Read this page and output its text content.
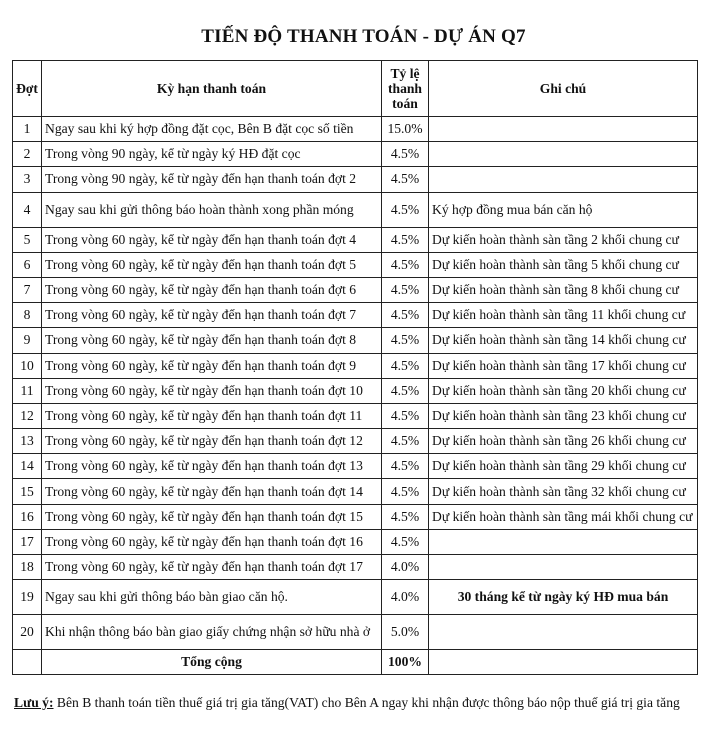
TIẾN ĐỘ THANH TOÁN - DỰ ÁN Q7
Đợt	Kỳ hạn thanh toán	Tỷ lệ thanh toán	Ghi chú
1	Ngay sau khi ký hợp đồng đặt cọc, Bên B đặt cọc số tiền	15.0%	
2	Trong vòng 90 ngày, kể từ ngày ký HĐ đặt cọc	4.5%	
3	Trong vòng 90 ngày, kể từ ngày đến hạn thanh toán đợt 2	4.5%	
4	Ngay sau khi gửi thông báo hoàn thành xong phần móng	4.5%	Ký hợp đồng mua bán căn hộ
5	Trong vòng 60 ngày, kể từ ngày đến hạn thanh toán đợt 4	4.5%	Dự kiến hoàn thành sàn tầng 2 khối chung cư
6	Trong vòng 60 ngày, kể từ ngày đến hạn thanh toán đợt 5	4.5%	Dự kiến hoàn thành sàn tầng 5 khối chung cư
7	Trong vòng 60 ngày, kể từ ngày đến hạn thanh toán đợt 6	4.5%	Dự kiến hoàn thành sàn tầng 8 khối chung cư
8	Trong vòng 60 ngày, kể từ ngày đến hạn thanh toán đợt 7	4.5%	Dự kiến hoàn thành sàn tầng 11 khối chung cư
9	Trong vòng 60 ngày, kể từ ngày đến hạn thanh toán đợt 8	4.5%	Dự kiến hoàn thành sàn tầng 14 khối chung cư
10	Trong vòng 60 ngày, kể từ ngày đến hạn thanh toán đợt 9	4.5%	Dự kiến hoàn thành sàn tầng 17 khối chung cư
11	Trong vòng 60 ngày, kể từ ngày đến hạn thanh toán đợt 10	4.5%	Dự kiến hoàn thành sàn tầng 20 khối chung cư
12	Trong vòng 60 ngày, kể từ ngày đến hạn thanh toán đợt 11	4.5%	Dự kiến hoàn thành sàn tầng 23 khối chung cư
13	Trong vòng 60 ngày, kể từ ngày đến hạn thanh toán đợt 12	4.5%	Dự kiến hoàn thành sàn tầng 26 khối chung cư
14	Trong vòng 60 ngày, kể từ ngày đến hạn thanh toán đợt 13	4.5%	Dự kiến hoàn thành sàn tầng 29 khối chung cư
15	Trong vòng 60 ngày, kể từ ngày đến hạn thanh toán đợt 14	4.5%	Dự kiến hoàn thành sàn tầng 32 khối chung cư
16	Trong vòng 60 ngày, kể từ ngày đến hạn thanh toán đợt 15	4.5%	Dự kiến hoàn thành sàn tầng mái khối chung cư
17	Trong vòng 60 ngày, kể từ ngày đến hạn thanh toán đợt 16	4.5%	
18	Trong vòng 60 ngày, kể từ ngày đến hạn thanh toán đợt 17	4.0%	
19	Ngay sau khi gửi thông báo bàn giao căn hộ.	4.0%	30 tháng kể từ ngày ký HĐ mua bán
20	Khi nhận thông báo bàn giao giấy chứng nhận sở hữu nhà ở	5.0%	
	Tổng cộng	100%	
Lưu ý: Bên B thanh toán tiền thuế giá trị gia tăng(VAT) cho Bên A ngay khi nhận được thông báo nộp thuế giá trị gia tăng
